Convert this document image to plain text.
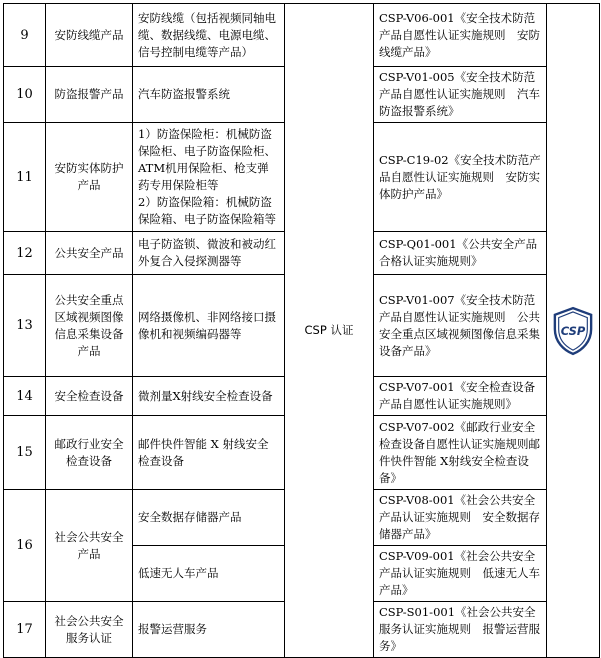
9	安防线缆产品	安防线缆（包括视频同轴电缆、数据线缆、电源电缆、信号控制电缆等产品）	CSP 认证	CSP-V06-001《安全技术防范产品自愿性认证实施规则　安防线缆产品》	CSP

10	防盗报警产品	汽车防盗报警系统		CSP-V01-005《安全技术防范产品自愿性认证实施规则　汽车防盗报警系统》	
11	安防实体防护产品	1）防盗保险柜：机械防盗保险柜、电子防盗保险柜、ATM机用保险柜、枪支弹药专用保险柜等
2）防盗保险箱：机械防盗保险箱、电子防盗保险箱等		CSP-C19-02《安全技术防范产品自愿性认证实施规则　安防实体防护产品》	
12	公共安全产品	电子防盗锁、微波和被动红外复合入侵探测器等		CSP-Q01-001《公共安全产品合格认证实施规则》	
13	公共安全重点区域视频图像信息采集设备产品	网络摄像机、非网络接口摄像机和视频编码器等		CSP-V01-007《安全技术防范产品自愿性认证实施规则　公共安全重点区域视频图像信息采集设备产品》	
14	安全检查设备	微剂量X射线安全检查设备		CSP-V07-001《安全检查设备产品自愿性认证实施规则》	
15	邮政行业安全检查设备	邮件快件智能 X 射线安全检查设备		CSP-V07-002《邮政行业安全检查设备自愿性认证实施规则邮件快件智能 X射线安全检查设备》	
16	社会公共安全产品	安全数据存储器产品		CSP-V08-001《社会公共安全产品认证实施规则　安全数据存储器产品》	
		低速无人车产品		CSP-V09-001《社会公共安全产品认证实施规则　低速无人车产品》	
17	社会公共安全服务认证	报警运营服务		CSP-S01-001《社会公共安全服务认证实施规则　报警运营服务》	
